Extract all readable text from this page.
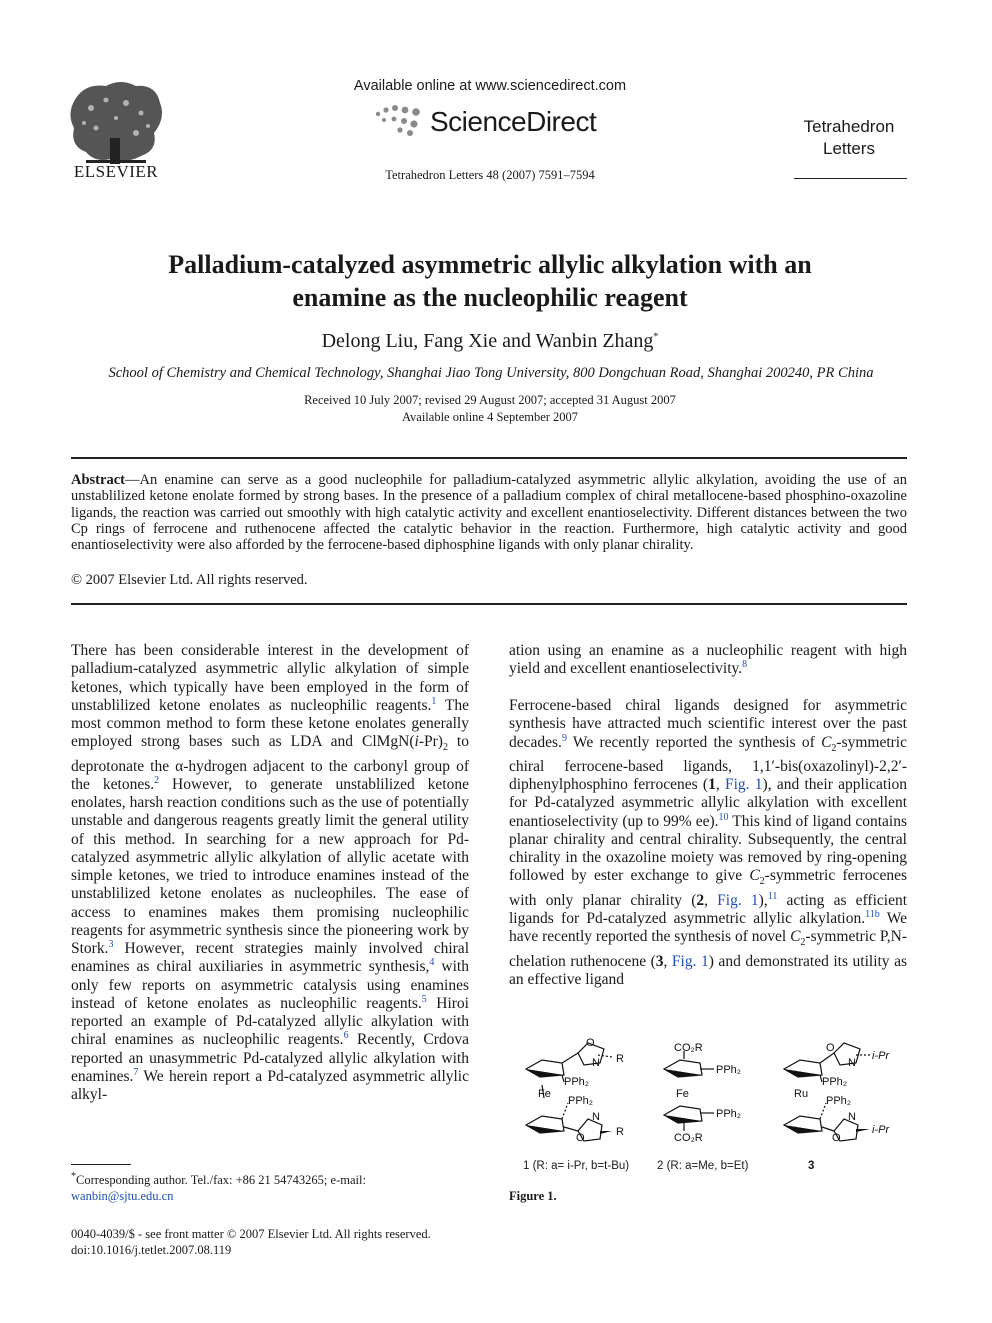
ELSEVIER
Available online at www.sciencedirect.com
ScienceDirect
Tetrahedron Letters 48 (2007) 7591–7594
Tetrahedron
Letters
Palladium-catalyzed asymmetric allylic alkylation with an
enamine as the nucleophilic reagent
Delong Liu, Fang Xie and Wanbin Zhang*
School of Chemistry and Chemical Technology, Shanghai Jiao Tong University, 800 Dongchuan Road, Shanghai 200240, PR China
Received 10 July 2007; revised 29 August 2007; accepted 31 August 2007
Available online 4 September 2007
Abstract—An enamine can serve as a good nucleophile for palladium-catalyzed asymmetric allylic alkylation, avoiding the use of an unstablilized ketone enolate formed by strong bases. In the presence of a palladium complex of chiral metallocene-based phosphino-oxazoline ligands, the reaction was carried out smoothly with high catalytic activity and excellent enantioselectivity. Different distances between the two Cp rings of ferrocene and ruthenocene affected the catalytic behavior in the reaction. Furthermore, high catalytic activity and good enantioselectivity were also afforded by the ferrocene-based diphosphine ligands with only planar chirality.
© 2007 Elsevier Ltd. All rights reserved.
There has been considerable interest in the development of palladium-catalyzed asymmetric allylic alkylation of simple ketones, which typically have been employed in the form of unstablilized ketone enolates as nucleophilic reagents.$^1$ The most common method to form these ketone enolates generally employed strong bases such as LDA and $ClMgN(i-Pr)_2$ to deprotonate the α-hydrogen adjacent to the carbonyl group of the ketones.$^2$ However, to generate unstablilized ketone enolates, harsh reaction conditions such as the use of potentially unstable and dangerous reagents greatly limit the general utility of this method. In searching for a new approach for Pd-catalyzed asymmetric allylic alkylation of allylic acetate with simple ketones, we tried to introduce enamines instead of the unstablilized ketone enolates as nucleophiles. The ease of access to enamines makes them promising nucleophilic reagents for asymmetric synthesis since the pioneering work by Stork.$^3$ However, recent strategies mainly involved chiral enamines as chiral auxiliaries in asymmetric synthesis,$^4$ with only few reports on asymmetric catalysis using enamines instead of ketone enolates as nucleophilic reagents.$^5$ Hiroi reported an example of Pd-catalyzed allylic alkylation with chiral enamines as nucleophilic reagents.$^6$ Recently, Crdova reported an unasymmetric Pd-catalyzed allylic alkylation with enamines.$^7$ We herein report a Pd-catalyzed asymmetric allylic alkyl-
ation using an enamine as a nucleophilic reagent with high yield and excellent enantioselectivity.$^8$
Ferrocene-based chiral ligands designed for asymmetric synthesis have attracted much scientific interest over the past decades.$^9$ We recently reported the synthesis of $C_2$-symmetric chiral ferrocene-based ligands, 1,1′-bis(oxazolinyl)-2,2′-diphenylphosphino ferrocenes (1, Fig. 1), and their application for Pd-catalyzed asymmetric allylic alkylation with excellent enantioselectivity (up to 99% ee).$^{10}$ This kind of ligand contains planar chirality and central chirality. Subsequently, the central chirality in the oxazoline moiety was removed by ring-opening followed by ester exchange to give $C_2$-symmetric ferrocenes with only planar chirality (2, Fig. 1),$^{11}$ acting as efficient ligands for Pd-catalyzed asymmetric allylic alkylation.$^{11b}$ We have recently reported the synthesis of novel $C_2$-symmetric P,N-chelation ruthenocene (3, Fig. 1) and demonstrated its utility as an effective ligand
O
N R
PPh₂
Fe
PPh₂
N
O	R
CO₂R
PPh₂
Fe
PPh₂
CO₂R
O
N
i-Pr
PPh₂
Ru
PPh₂
N
O
i-Pr
1 (R: a= i-Pr, b=t-Bu) 2 (R: a=Me, b=Et)	3
Figure 1.
*Corresponding author. Tel./fax: +86 21 54743265; e-mail: wanbin@sjtu.edu.cn
0040-4039/$ - see front matter © 2007 Elsevier Ltd. All rights reserved.
doi:10.1016/j.tetlet.2007.08.119
